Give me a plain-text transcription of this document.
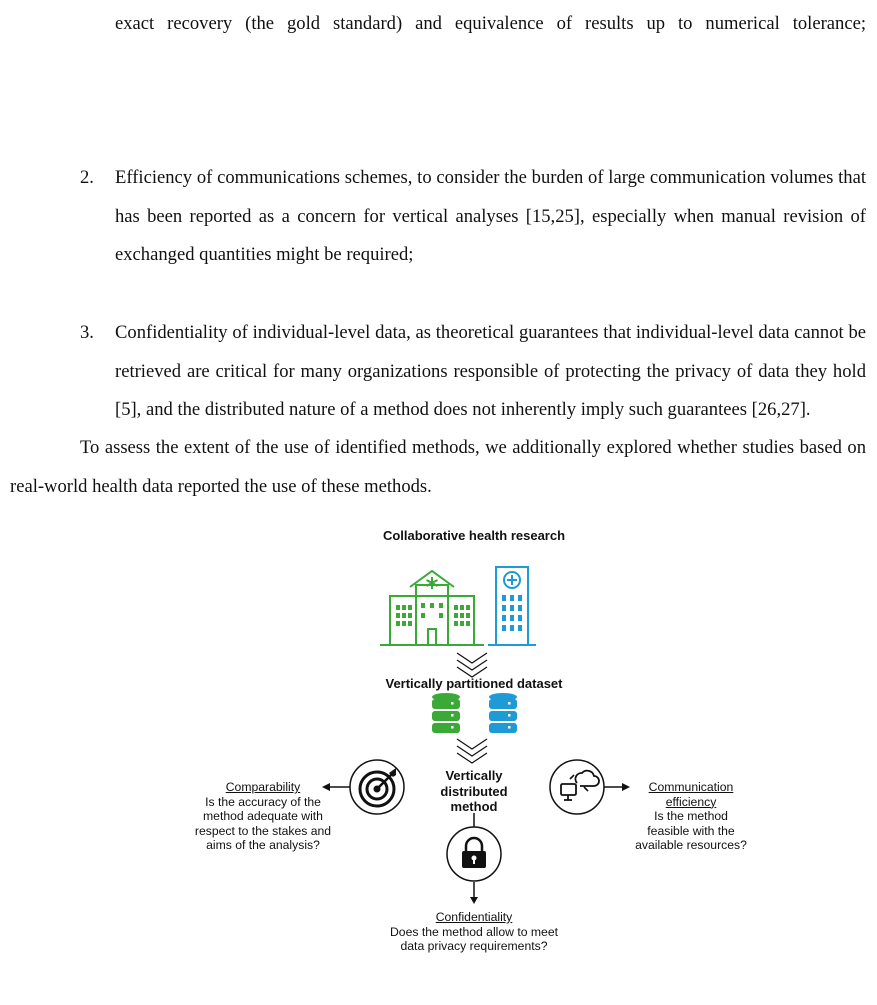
exact recovery (the gold standard) and equivalence of results up to numerical tolerance;

2. Efficiency of communications schemes, to consider the burden of large communication volumes that has been reported as a concern for vertical analyses [15,25], especially when manual revision of exchanged quantities might be required;

3. Confidentiality of individual-level data, as theoretical guarantees that individual-level data cannot be retrieved are critical for many organizations responsible of protecting the privacy of data they hold [5], and the distributed nature of a method does not inherently imply such guarantees [26,27].

To assess the extent of the use of identified methods, we additionally explored whether studies based on real-world health data reported the use of these methods.

Collaborative health research
Vertically partitioned dataset
Vertically
distributed
method
Comparability
Is the accuracy of the
method adequate with
respect to the stakes and
aims of the analysis?
Communication
efficiency
Is the method
feasible with the
available resources?
Confidentiality
Does the method allow to meet
data privacy requirements?
